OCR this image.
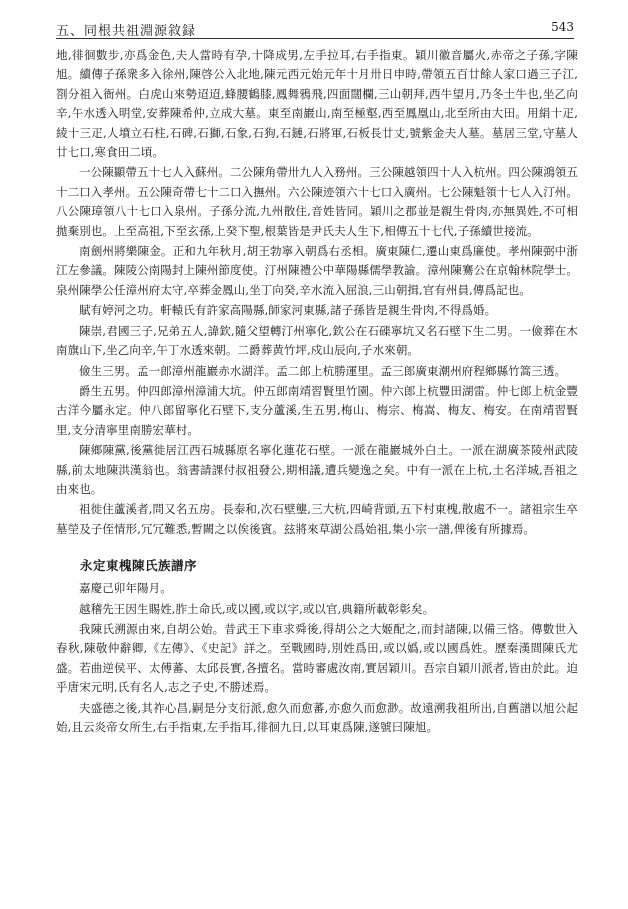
五、同根共祖淵源敘録	543

地,徘徊數步,亦爲金色,夫人當時有孕,十降成男,左手拉耳,右手指東。穎川徽音屬火,赤帝之子孫,字陳旭。續傳子孫衆多入徐州,陳啓公入北地,陳元西元始元年十月卅日申時,帶領五百廿餘人家口過三子江,劄分祖入衙州。白虎山來勢迢迢,蜂腰鶴膝,鳳舞鴉飛,四面闊欄,三山朝拜,西牛望月,乃冬土牛也,坐乙向辛,午水透入明堂,安葬陳希仲,立成大墓。東至南巖山,南至極壑,西至鳳凰山,北至所由大田。用絹十疋,綾十三疋,人墳立石柱,石碑,石獅,石象,石狗,石鏈,石將軍,石板長廿丈,號紫金夫人墓。墓居三堂,守墓人廿七口,寒食田二頃。

一公陳顯帶五十七人入蘇州。二公陳角帶卅九人入務州。三公陳越領四十人入杭州。四公陳鴻領五十二口入孝州。五公陳奇帶七十二口入撫州。六公陳迹領六十七口入廣州。七公陳魁領十七人入汀州。八公陳璋領八十七口入泉州。子孫分流,九州散住,音姓皆同。穎川之郡並是親生骨肉,亦無異姓,不可相拋棄別也。上至高祖,下至玄孫,上癸下聖,根葉皆是尹氏夫人生下,相傳五十七代,子孫續世接流。

南劍州將樂陳金。正和九年秋月,胡王勃寧入朝爲右丞相。廣東陳仁,遷山東爲廉使。孝州陳弼中浙江左參議。陳陵公南陽封上陳州節度使。汀州陳禮公中華陽縣儒學教諭。漳州陳騫公在京翰林院學士。泉州陳學公任漳州府太守,卒葬金鳳山,坐丁向癸,辛水流入屈浪,三山朝揖,官有州員,傳爲記也。

賦有婷河之功。軒轅氏有許家高陽縣,師家河東縣,諸子孫皆是親生骨肉,不得爲婚。

陳崇,君國三子,兄弟五人,諱欽,隨父望轉汀州寧化,欽公在石磲寧坑又名石壁下生二男。一儉葬在木南旗山下,坐乙向辛,午丁水透來朝。二爵葬黄竹坪,戍山辰向,子水來朝。

儉生三男。孟一郎漳州龍巖赤水湖洋。孟二郎上杭勝運里。孟三郎廣東潮州府程鄉縣竹篙三透。

爵生五男。仲四郎漳州漳浦大坑。仲五郎南靖習賢里竹園。仲六郎上杭豐田湖雷。仲七郎上杭金豐古洋今屬永定。仲八郎留寧化石壁下,支分蘆溪,生五男,梅山、梅宗、梅嵩、梅友、梅安。在南靖習賢里,支分清寧里南勝宏華村。

陳鄉陳黨,後黨徙居江西石城縣原名寧化蓮花石壁。一派在龍巖城外白土。一派在湖廣茶陵州武陵縣,前太地陳洪漢翁也。翁書請課付叔祖發公,期相議,遭兵變逸之矣。中有一派在上杭,土名洋城,吾祖之由來也。

祖徙住蘆溪者,問又名五房。長泰和,次石壁壟,三大杭,四崎背頭,五下村東槐,散處不一。諸祖宗生卒墓塋及子侄情形,冗冗難悉,暫闕之以俟後賓。玆將來草湖公爲始祖,集小宗一譜,俾後有所據焉。

永定東槐陳氏族譜序

嘉慶己卯年陽月。

越稽先王因生賜姓,胙土命氏,或以國,或以字,或以官,典籍所載彰彰矣。

我陳氏溯源由來,自胡公始。昔武王下車求舜後,得胡公之大姬配之,而封諸陳,以備三恪。傳數世入春秋,陳敬仲辭卿,《左傳》、《史記》詳之。至戰國時,別姓爲田,或以嬀,或以國爲姓。歷秦漢間陳氏尤盛。若曲逆侯平、太傅蕃、太邱長實,各擅名。當時審處汝南,實居穎川。吾宗自穎川派者,皆由於此。迫乎唐宋元明,氏有名人,志之子史,不勝述焉。

夫盛德之後,其祚心昌,嗣是分支衍派,愈久而愈蕃,亦愈久而愈渺。故遠溯我祖所出,自舊譜以旭公起始,且云炎帝女所生,右手指東,左手指耳,徘徊九日,以耳東爲陳,遂號曰陳旭。
